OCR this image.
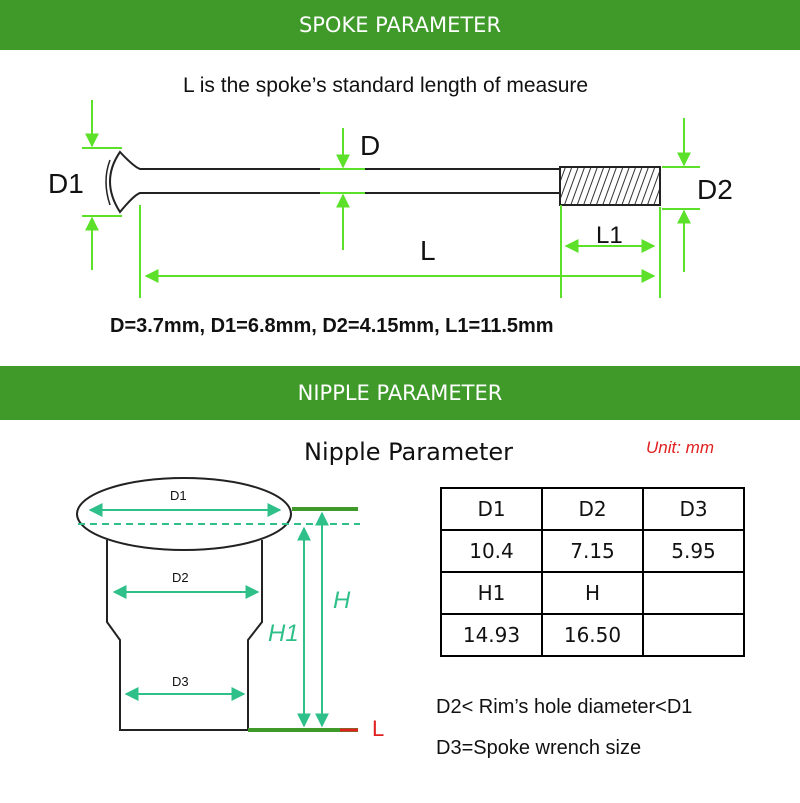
SPOKE PARAMETER
L is the spoke’s standard length of measure
D1
D
D2
L	L1
D=3.7mm, D1=6.8mm, D2=4.15mm, L1=11.5mm
NIPPLE PARAMETER
Nipple Parameter	Unit: mm
D1
D2
D3
H
H1
L
D1	D2	D3
10.4	7.15	5.95
H1	H	
14.93	16.50	
D2< Rim’s hole diameter<D1
D3=Spoke wrench size
